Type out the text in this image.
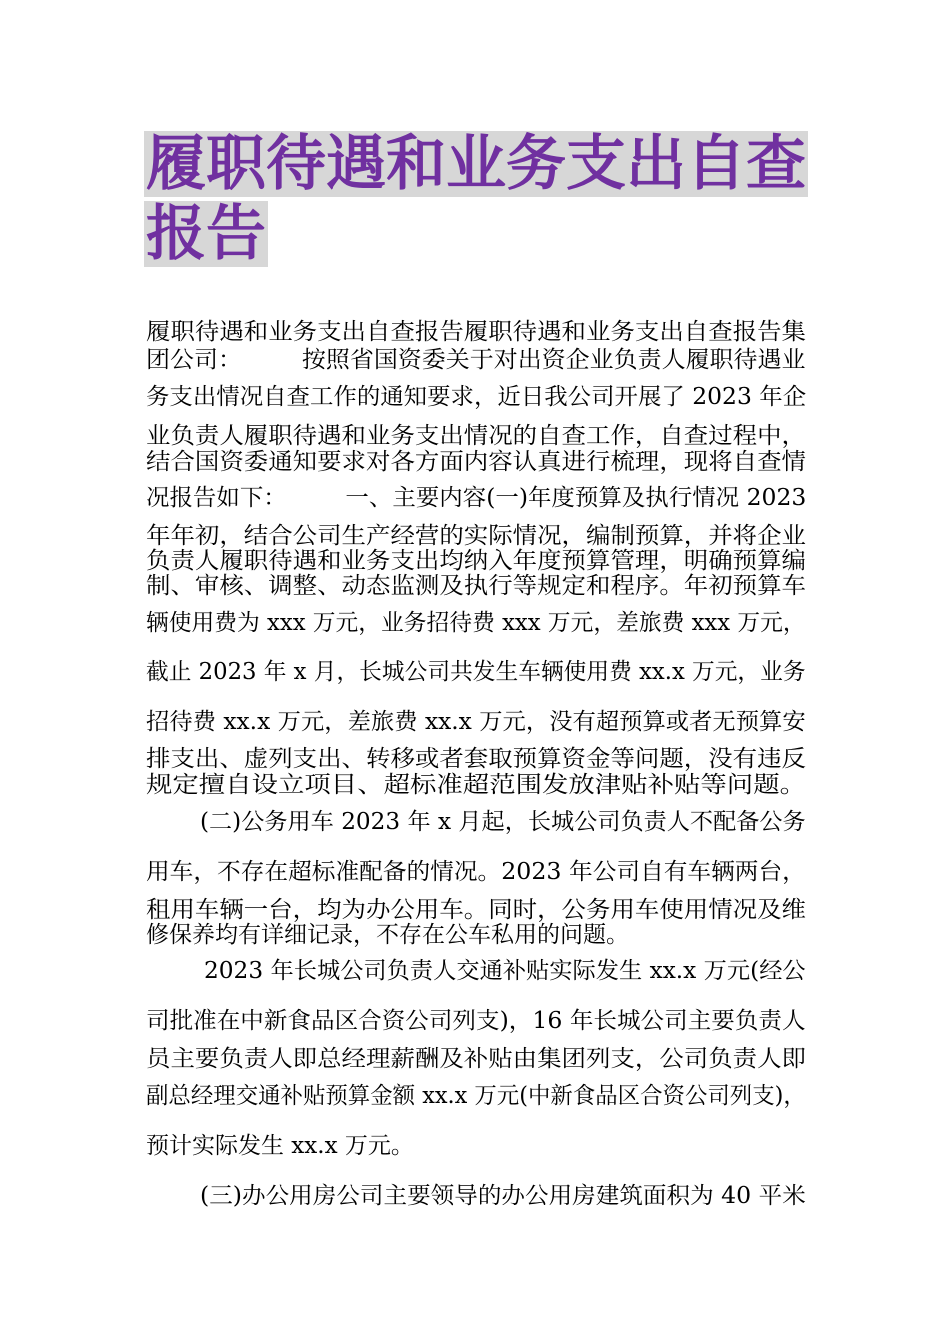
履职待遇和业务支出自查
报告
履职待遇和业务支出自查报告履职待遇和业务支出自查报告集
团公司：　　　按照省国资委关于对出资企业负责人履职待遇业
务支出情况自查工作的通知要求，近日我公司开展了 2023 年企
业负责人履职待遇和业务支出情况的自查工作，自查过程中，
结合国资委通知要求对各方面内容认真进行梳理，现将自查情
况报告如下：　　　一、主要内容(一)年度预算及执行情况 2023
年年初，结合公司生产经营的实际情况，编制预算，并将企业
负责人履职待遇和业务支出均纳入年度预算管理，明确预算编
制、审核、调整、动态监测及执行等规定和程序。年初预算车
辆使用费为 xxx 万元，业务招待费 xxx 万元，差旅费 xxx 万元，
截止 2023 年 x 月，长城公司共发生车辆使用费 xx.x 万元，业务
招待费 xx.x 万元，差旅费 xx.x 万元，没有超预算或者无预算安
排支出、虚列支出、转移或者套取预算资金等问题，没有违反
规定擅自设立项目、超标准超范围发放津贴补贴等问题。
(二)公务用车 2023 年 x 月起，长城公司负责人不配备公务
用车，不存在超标准配备的情况。2023 年公司自有车辆两台，
租用车辆一台，均为办公用车。同时，公务用车使用情况及维
修保养均有详细记录，不存在公车私用的问题。
2023 年长城公司负责人交通补贴实际发生 xx.x 万元(经公
司批准在中新食品区合资公司列支)，16 年长城公司主要负责人
员主要负责人即总经理薪酬及补贴由集团列支，公司负责人即
副总经理交通补贴预算金额 xx.x 万元(中新食品区合资公司列支)，
预计实际发生 xx.x 万元。
(三)办公用房公司主要领导的办公用房建筑面积为 40 平米
